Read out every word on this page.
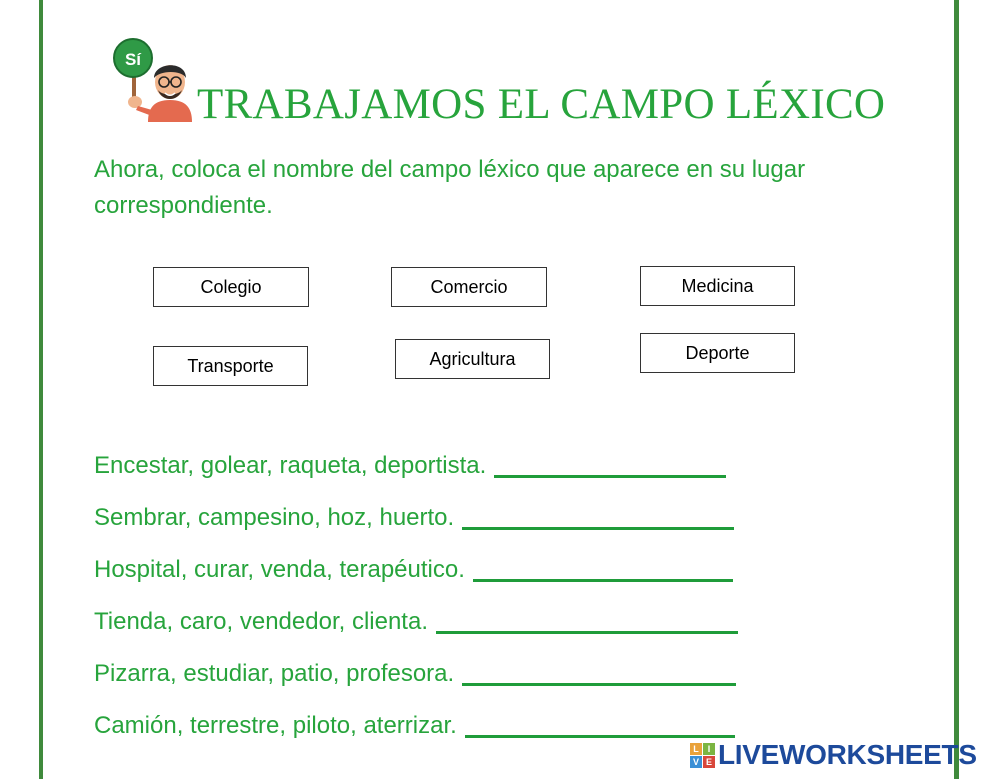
Sí
TRABAJAMOS EL CAMPO LÉXICO
Ahora, coloca el nombre del campo léxico que aparece en su lugar correspondiente.
Colegio	Comercio	Medicina
Transporte	Agricultura	Deporte
Encestar, golear, raqueta, deportista.
Sembrar, campesino, hoz, huerto.
Hospital, curar, venda, terapéutico.
Tienda, caro, vendedor, clienta.
Pizarra, estudiar, patio, profesora.
Camión, terrestre, piloto, aterrizar.
L I
V E LIVEWORKSHEETS
